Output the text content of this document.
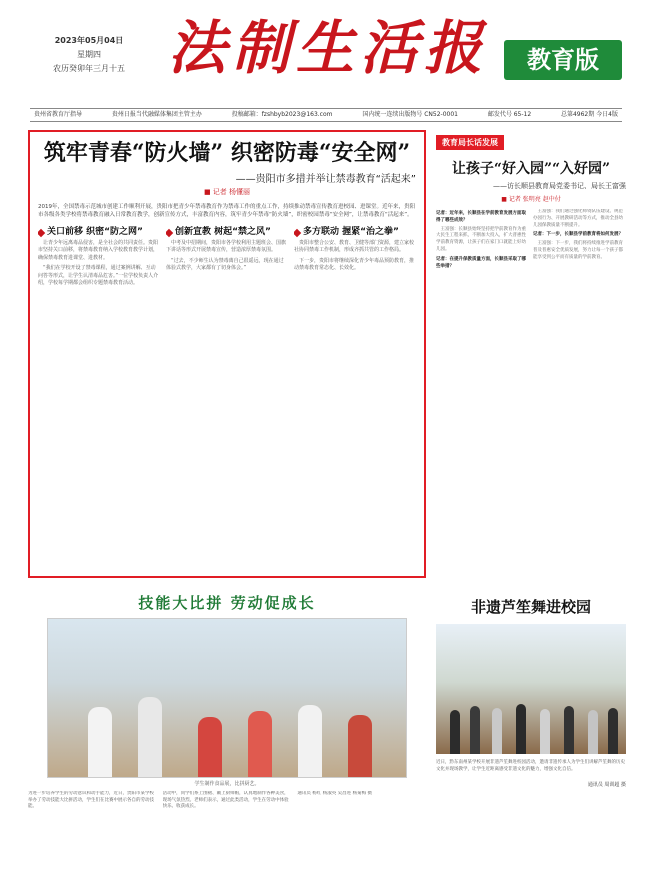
2023年05月04日
星期四
农历癸卯年三月十五 法制生活报	教育版
贵州省教育厅指导	贵州日报当代融媒体集团主管主办	投稿邮箱：fzshbyb2023@163.com	国内统一连续出版物号 CN52-0001	邮发代号 65-12	总第4962期 今日4版
筑牢青春“防火墙” 织密防毒“安全网”
——贵阳市多措并举让禁毒教育“活起来”
■ 记者 杨懂丽
2019年，全国禁毒示范城市创建工作顺利开展，贵阳市把青少年禁毒教育作为禁毒工作的重点工作，持续推动禁毒宣传教育进校园、进课堂。近年来，贵阳市各级各类学校将禁毒教育融入日常教育教学，创新宣传方式，丰富教育内容，筑牢青少年禁毒“防火墙”，织密校园禁毒“安全网”，让禁毒教育“活起来”。
关口前移 织密“防之网”

让青少年远离毒品侵害，是全社会的共同责任。贵阳市坚持关口前移，将禁毒教育纳入学校教育教学计划，确保禁毒教育进课堂、进教材。

“我们在学校开设了禁毒课程，通过案例讲解、互动问答等形式，让学生认清毒品危害。”一位学校负责人介绍，学校每学期都会组织专题禁毒教育活动。

创新宣教 树起“禁之风”

中考及中招期间，贵阳市各学校利用主题班会、国旗下讲话等形式开展禁毒宣传，营造浓厚禁毒氛围。

“过去，不少师生认为禁毒离自己很遥远，现在通过体验式教学，大家都有了切身体会。”

多方联动 握紧“治之拳”

贵阳市整合公安、教育、卫健等部门资源，建立家校社协同禁毒工作机制，形成齐抓共管的工作格局。

下一步，贵阳市将继续深化青少年毒品预防教育，推动禁毒教育常态化、长效化。

教育局长话发展
让孩子“好入园”“入好园”
——访长顺县教育局党委书记、局长王富强
■ 记者 张明亮 赵中付

记者：近年来，长顺县在学前教育发展方面取得了哪些成效？

王富强：长顺县始终坚持把学前教育作为重大民生工程来抓，不断加大投入，扩大普惠性学前教育资源，让孩子们在家门口就能上好幼儿园。

记者：在提升保教质量方面，长顺县采取了哪些举措？

王富强：我们通过强化师资队伍建设、规范办园行为、开展教研活动等方式，推动全县幼儿园保教质量不断提升。

记者：下一步，长顺县学前教育将如何发展？

王富强：下一步，我们将持续推进学前教育普及普惠安全优质发展，努力让每一个孩子都能享受到公平而有质量的学前教育。

技能大比拼 劳动促成长
学生制作食品展，比拼厨艺。
为进一步培养学生的劳动意识和动手能力，近日，贵阳市某学校举办了劳动技能大比拼活动，学生们在比赛中展示各自的劳动技能。
活动中，同学们系上围裙、戴上厨师帽，认真地制作各种美食，现场气氛热烈。老师们表示，通过此类活动，学生在劳动中体验快乐、收获成长。
通讯员 杨红 杨淑英 吴昌进 杨菊梅 摄
非遗芦笙舞进校园
近日，黔东南州某学校开展非遗芦笙舞进校园活动，邀请非遗传承人为学生们讲解芦笙舞的历史文化并现场教学，让学生近距离感受非遗文化的魅力，增强文化自信。
通讯员 周训超 摄
